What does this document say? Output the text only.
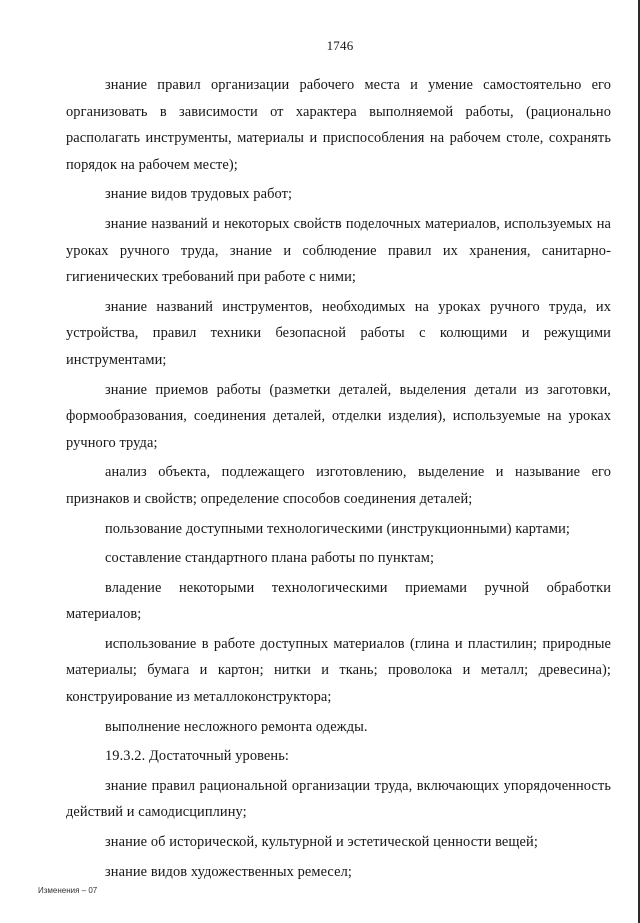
1746

знание правил организации рабочего места и умение самостоятельно его организовать в зависимости от характера выполняемой работы, (рационально располагать инструменты, материалы и приспособления на рабочем столе, сохранять порядок на рабочем месте);

знание видов трудовых работ;

знание названий и некоторых свойств поделочных материалов, используемых на уроках ручного труда, знание и соблюдение правил их хранения, санитарно-гигиенических требований при работе с ними;

знание названий инструментов, необходимых на уроках ручного труда, их устройства, правил техники безопасной работы с колющими и режущими инструментами;

знание приемов работы (разметки деталей, выделения детали из заготовки, формообразования, соединения деталей, отделки изделия), используемые на уроках ручного труда;

анализ объекта, подлежащего изготовлению, выделение и называние его признаков и свойств; определение способов соединения деталей;

пользование доступными технологическими (инструкционными) картами;

составление стандартного плана работы по пунктам;

владение некоторыми технологическими приемами ручной обработки материалов;

использование в работе доступных материалов (глина и пластилин; природные материалы; бумага и картон; нитки и ткань; проволока и металл; древесина); конструирование из металлоконструктора;

выполнение несложного ремонта одежды.

19.3.2. Достаточный уровень:

знание правил рациональной организации труда, включающих упорядоченность действий и самодисциплину;

знание об исторической, культурной и эстетической ценности вещей;

знание видов художественных ремесел;

Изменения – 07
